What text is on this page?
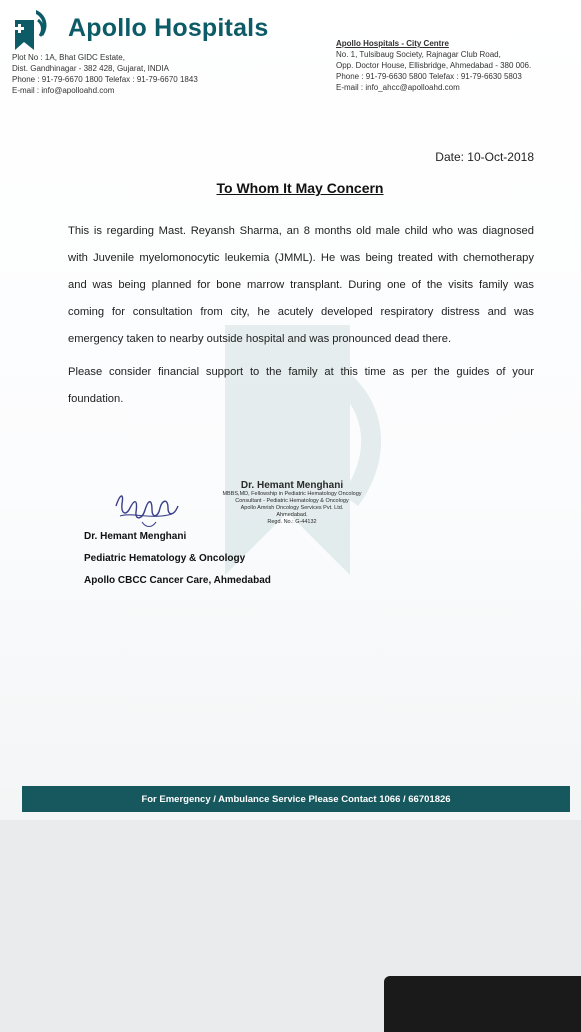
Apollo Hospitals
Plot No : 1A, Bhat GIDC Estate,
Dist. Gandhinagar - 382 428, Gujarat, INDIA
Phone : 91-79-6670 1800 Telefax : 91-79-6670 1843
E-mail : info@apolloahd.com
Apollo Hospitals - City Centre
No. 1, Tulsibaug Society, Rajnagar Club Road,
Opp. Doctor House, Ellisbridge, Ahmedabad - 380 006.
Phone : 91-79-6630 5800 Telefax : 91-79-6630 5803
E-mail : info_ahcc@apolloahd.com
Date: 10-Oct-2018
To Whom It May Concern

This is regarding Mast. Reyansh Sharma, an 8 months old male child who was diagnosed with Juvenile myelomonocytic leukemia (JMML). He was being treated with chemotherapy and was being planned for bone marrow transplant. During one of the visits family was coming for consultation from city, he acutely developed respiratory distress and was emergency taken to nearby outside hospital and was pronounced dead there.

Please consider financial support to the family at this time as per the guides of your foundation.

Dr. Hemant Menghani
MBBS,MD, Fellowship in Pediatric Hematology Oncology
Consultant - Pediatric Hematology & Oncology
Apollo Amrish Oncology Services Pvt. Ltd.
Ahmedabad.
Regd. No.: G-44132
Dr. Hemant Menghani
Pediatric Hematology & Oncology
Apollo CBCC Cancer Care, Ahmedabad
For Emergency / Ambulance Service Please Contact 1066 / 66701826
